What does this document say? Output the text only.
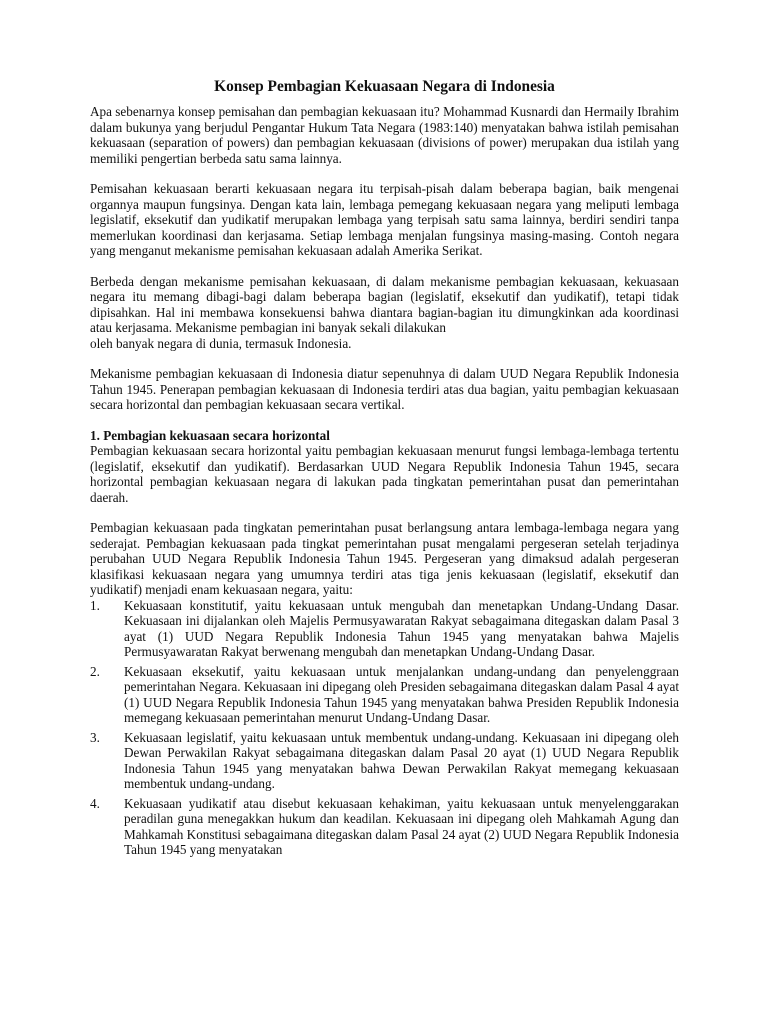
Konsep Pembagian Kekuasaan Negara di Indonesia

Apa sebenarnya konsep pemisahan dan pembagian kekuasaan itu? Mohammad Kusnardi dan Hermaily Ibrahim dalam bukunya yang berjudul Pengantar Hukum Tata Negara (1983:140) menyatakan bahwa istilah pemisahan kekuasaan (separation of powers) dan pembagian kekuasaan (divisions of power) merupakan dua istilah yang memiliki pengertian berbeda satu sama lainnya.

Pemisahan kekuasaan berarti kekuasaan negara itu terpisah-pisah dalam beberapa bagian, baik mengenai organnya maupun fungsinya. Dengan kata lain, lembaga pemegang kekuasaan negara yang meliputi lembaga legislatif, eksekutif dan yudikatif merupakan lembaga yang terpisah satu sama lainnya, berdiri sendiri tanpa memerlukan koordinasi dan kerjasama. Setiap lembaga menjalan fungsinya masing-masing. Contoh negara yang menganut mekanisme pemisahan kekuasaan adalah Amerika Serikat.

Berbeda dengan mekanisme pemisahan kekuasaan, di dalam mekanisme pembagian kekuasaan, kekuasaan negara itu memang dibagi-bagi dalam beberapa bagian (legislatif, eksekutif dan yudikatif), tetapi tidak dipisahkan. Hal ini membawa konsekuensi bahwa diantara bagian-bagian itu dimungkinkan ada koordinasi atau kerjasama. Mekanisme pembagian ini banyak sekali dilakukan

oleh banyak negara di dunia, termasuk Indonesia.

Mekanisme pembagian kekuasaan di Indonesia diatur sepenuhnya di dalam UUD Negara Republik Indonesia Tahun 1945. Penerapan pembagian kekuasaan di Indonesia terdiri atas dua bagian, yaitu pembagian kekuasaan secara horizontal dan pembagian kekuasaan secara vertikal.

1. Pembagian kekuasaan secara horizontal

Pembagian kekuasaan secara horizontal yaitu pembagian kekuasaan menurut fungsi lembaga-lembaga tertentu (legislatif, eksekutif dan yudikatif). Berdasarkan UUD Negara Republik Indonesia Tahun 1945, secara horizontal pembagian kekuasaan negara di lakukan pada tingkatan pemerintahan pusat dan pemerintahan daerah.

Pembagian kekuasaan pada tingkatan pemerintahan pusat berlangsung antara lembaga-lembaga negara yang sederajat. Pembagian kekuasaan pada tingkat pemerintahan pusat mengalami pergeseran setelah terjadinya perubahan UUD Negara Republik Indonesia Tahun 1945. Pergeseran yang dimaksud adalah pergeseran klasifikasi kekuasaan negara yang umumnya terdiri atas tiga jenis kekuasaan (legislatif, eksekutif dan yudikatif) menjadi enam kekuasaan negara, yaitu:

1.	Kekuasaan konstitutif, yaitu kekuasaan untuk mengubah dan menetapkan Undang-Undang Dasar. Kekuasaan ini dijalankan oleh Majelis Permusyawaratan Rakyat sebagaimana ditegaskan dalam Pasal 3 ayat (1) UUD Negara Republik Indonesia Tahun 1945 yang menyatakan bahwa Majelis Permusyawaratan Rakyat berwenang mengubah dan menetapkan Undang-Undang Dasar.
2.	Kekuasaan eksekutif, yaitu kekuasaan untuk menjalankan undang-undang dan penyelenggraan pemerintahan Negara. Kekuasaan ini dipegang oleh Presiden sebagaimana ditegaskan dalam Pasal 4 ayat (1) UUD Negara Republik Indonesia Tahun 1945 yang menyatakan bahwa Presiden Republik Indonesia memegang kekuasaan pemerintahan menurut Undang-Undang Dasar.
3.	Kekuasaan legislatif, yaitu kekuasaan untuk membentuk undang-undang. Kekuasaan ini dipegang oleh Dewan Perwakilan Rakyat sebagaimana ditegaskan dalam Pasal 20 ayat (1) UUD Negara Republik Indonesia Tahun 1945 yang menyatakan bahwa Dewan Perwakilan Rakyat memegang kekuasaan membentuk undang-undang.
4.	Kekuasaan yudikatif atau disebut kekuasaan kehakiman, yaitu kekuasaan untuk menyelenggarakan peradilan guna menegakkan hukum dan keadilan. Kekuasaan ini dipegang oleh Mahkamah Agung dan Mahkamah Konstitusi sebagaimana ditegaskan dalam Pasal 24 ayat (2) UUD Negara Republik Indonesia Tahun 1945 yang menyatakan
